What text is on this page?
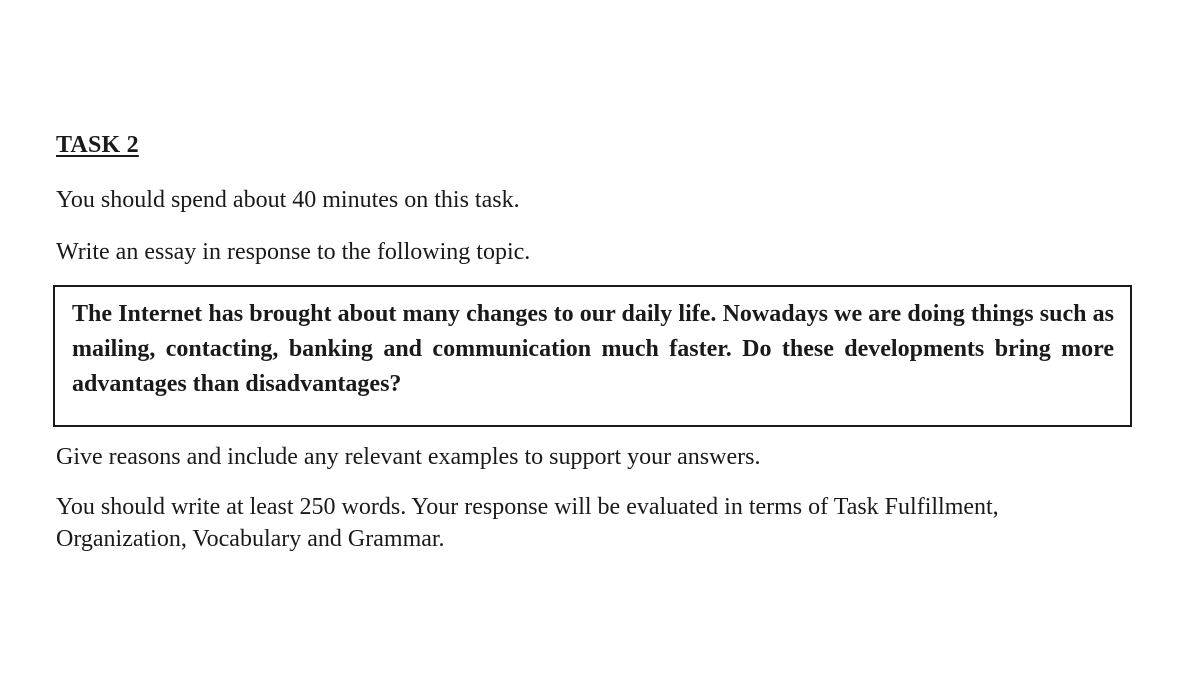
TASK 2
You should spend about 40 minutes on this task.
Write an essay in response to the following topic.

The Internet has brought about many changes to our daily life. Nowadays we are doing things such as mailing, contacting, banking and communication much faster. Do these developments bring more advantages than disadvantages?

Give reasons and include any relevant examples to support your answers.

You should write at least 250 words. Your response will be evaluated in terms of Task Fulfillment, Organization, Vocabulary and Grammar.
